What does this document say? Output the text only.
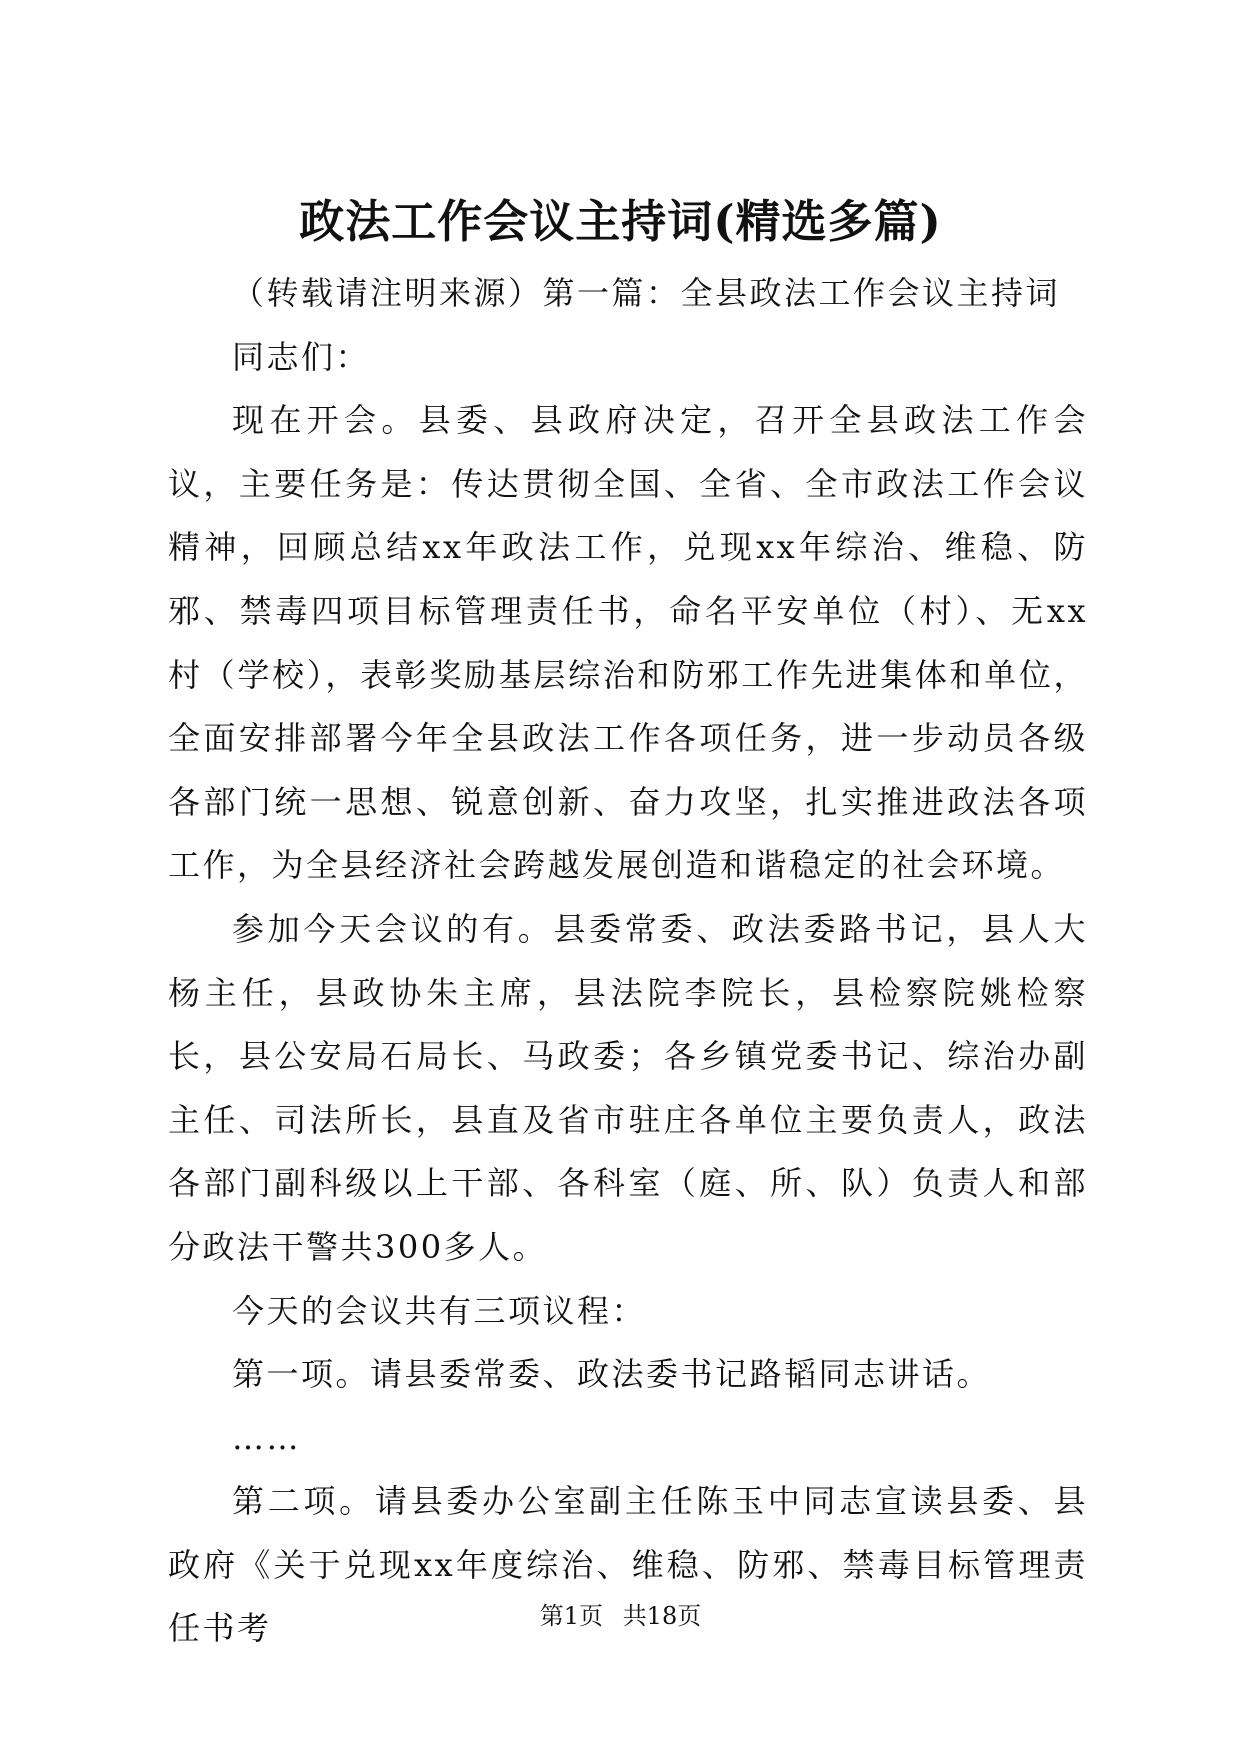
政法工作会议主持词(精选多篇)

（转载请注明来源）第一篇：全县政法工作会议主持词

同志们：

现在开会。县委、县政府决定，召开全县政法工作会议，主要任务是：传达贯彻全国、全省、全市政法工作会议精神，回顾总结xx年政法工作，兑现xx年综治、维稳、防邪、禁毒四项目标管理责任书，命名平安单位（村）、无xx村（学校），表彰奖励基层综治和防邪工作先进集体和单位，全面安排部署今年全县政法工作各项任务，进一步动员各级各部门统一思想、锐意创新、奋力攻坚，扎实推进政法各项工作，为全县经济社会跨越发展创造和谐稳定的社会环境。

参加今天会议的有。县委常委、政法委路书记，县人大杨主任，县政协朱主席，县法院李院长，县检察院姚检察长，县公安局石局长、马政委；各乡镇党委书记、综治办副主任、司法所长，县直及省市驻庄各单位主要负责人，政法各部门副科级以上干部、各科室（庭、所、队）负责人和部分政法干警共300多人。

今天的会议共有三项议程：

第一项。请县委常委、政法委书记路韬同志讲话。

……

第二项。请县委办公室副主任陈玉中同志宣读县委、县政府《关于兑现xx年度综治、维稳、防邪、禁毒目标管理责任书考	第1页 共18页
